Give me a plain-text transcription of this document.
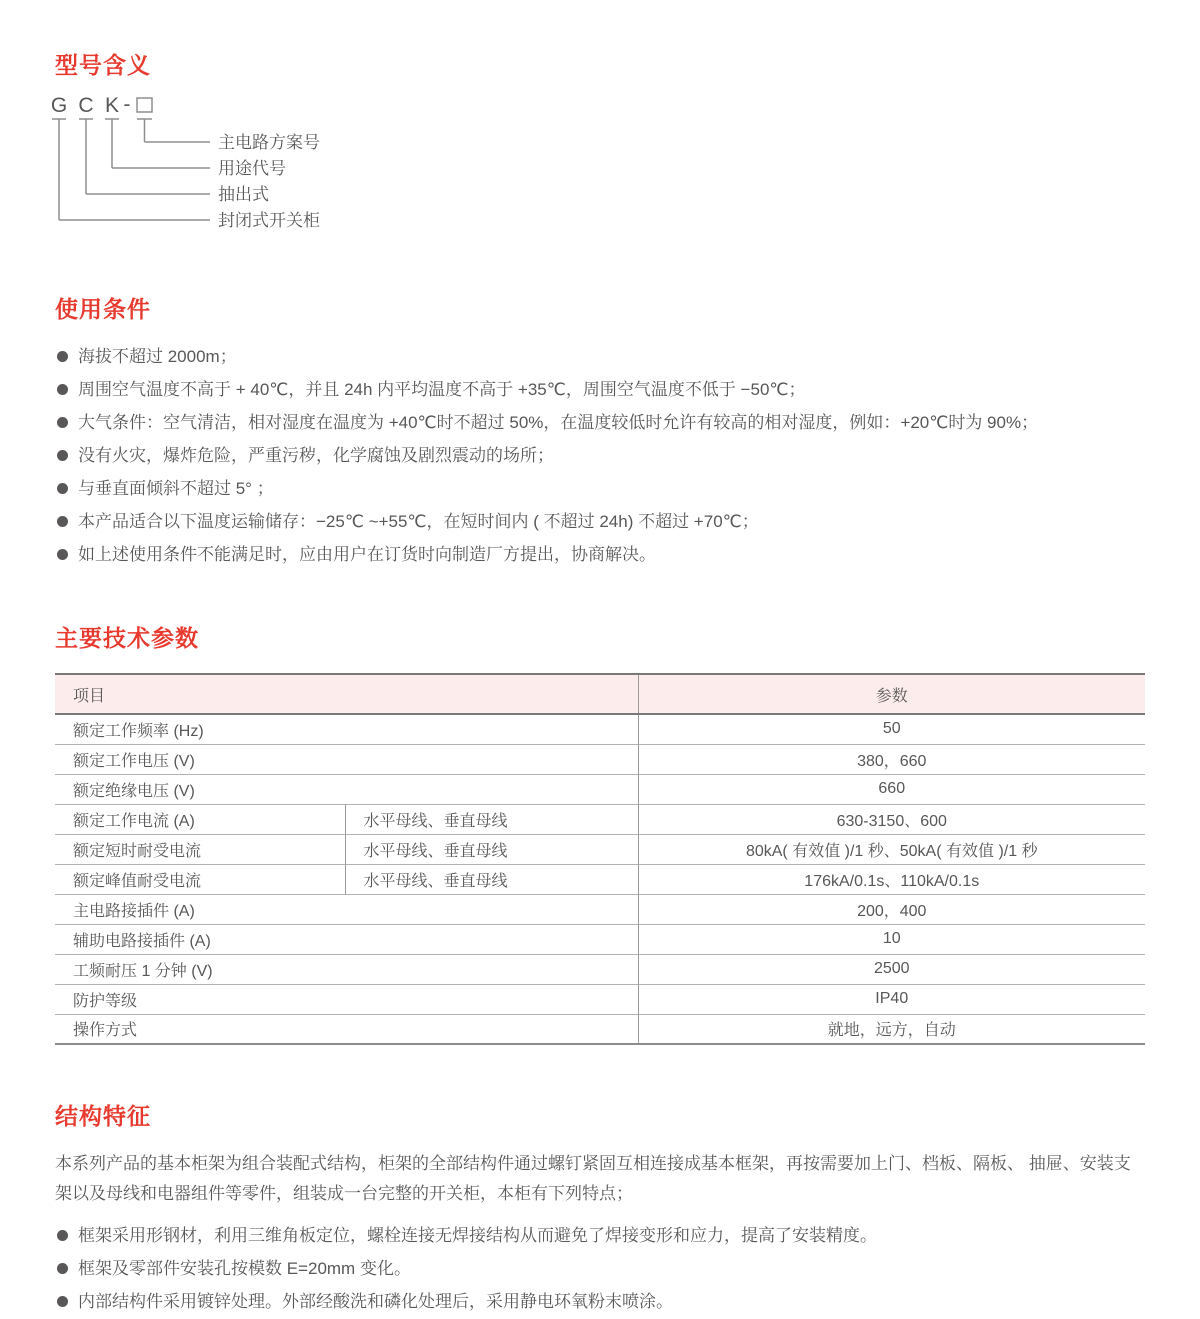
型号含义
G C K -
主电路方案号
用途代号
抽出式
封闭式开关柜
使用条件
海拔不超过 2000m；
周围空气温度不高于 + 40℃，并且 24h 内平均温度不高于 +35℃，周围空气温度不低于 −50℃；
大气条件：空气清洁，相对湿度在温度为 +40℃时不超过 50%，在温度较低时允许有较高的相对湿度，例如：+20℃时为 90%；
没有火灾，爆炸危险，严重污秽，化学腐蚀及剧烈震动的场所；
与垂直面倾斜不超过 5° ；
本产品适合以下温度运输储存：−25℃ ~+55℃，在短时间内 ( 不超过 24h) 不超过 +70℃；
如上述使用条件不能满足时，应由用户在订货时向制造厂方提出，协商解决。
主要技术参数
项目		参数
额定工作频率 (Hz)		50
额定工作电压 (V)		380，660
额定绝缘电压 (V)		660
额定工作电流 (A)	水平母线、垂直母线	630-3150、600
额定短时耐受电流	水平母线、垂直母线	80kA( 有效值 )/1 秒、50kA( 有效值 )/1 秒
额定峰值耐受电流	水平母线、垂直母线	176kA/0.1s、110kA/0.1s
主电路接插件 (A)		200，400
辅助电路接插件 (A)		10
工频耐压 1 分钟 (V)		2500
防护等级		IP40
操作方式		就地，远方，自动
结构特征

本系列产品的基本柜架为组合装配式结构，柜架的全部结构件通过螺钉紧固互相连接成基本框架，再按需要加上门、档板、隔板、 抽屉、安装支架以及母线和电器组件等零件，组装成一台完整的开关柜，本柜有下列特点；

框架采用形钢材，利用三维角板定位，螺栓连接无焊接结构从而避免了焊接变形和应力，提高了安装精度。
框架及零部件安装孔按模数 E=20mm 变化。
内部结构件采用镀锌处理。外部经酸洗和磷化处理后，采用静电环氧粉末喷涂。
